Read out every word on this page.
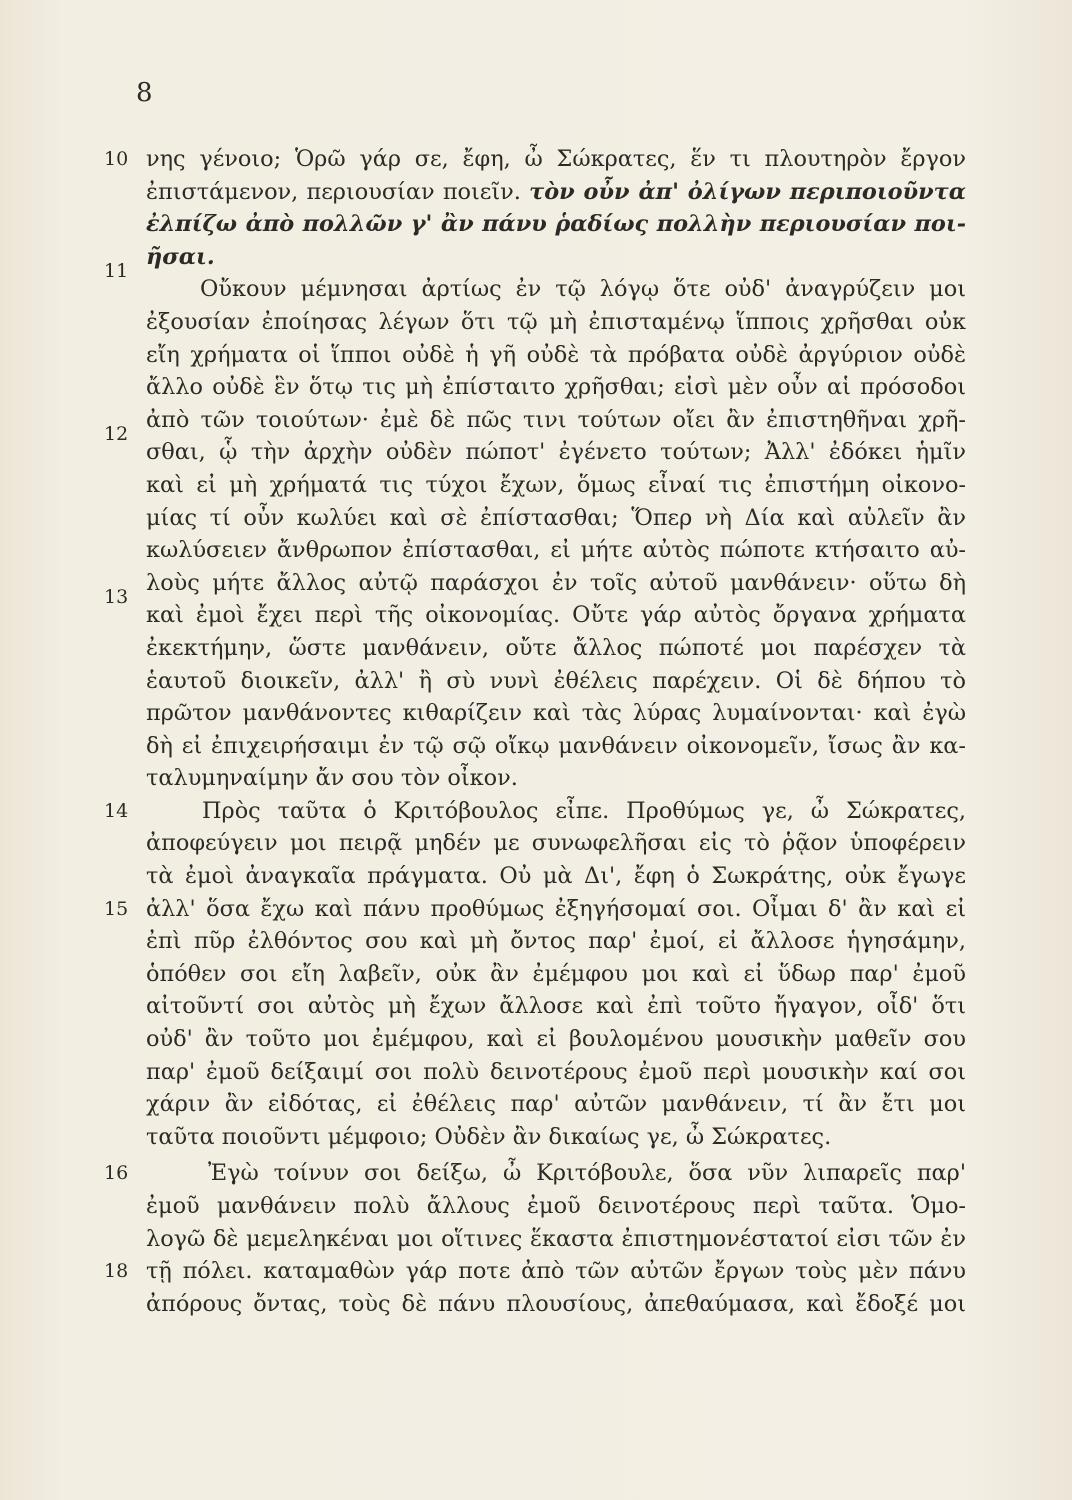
8
10 νης γένοιο; Ὁρῶ γάρ σε, ἔφη, ὦ Σώκρατες, ἕν τι πλουτηρὸν ἔργον
ἐπιστάμενον, περιουσίαν ποιεῖν. τὸν οὖν ἀπ' ὀλίγων περιποιοῦντα
ἐλπίζω ἀπὸ πολλῶν γ' ἂν πάνυ ῥαδίως πολλὴν περιουσίαν ποι-
ῆσαι.
11
Οὔκουν μέμνησαι ἀρτίως ἐν τῷ λόγῳ ὅτε οὐδ' ἀναγρύζειν μοι
ἐξουσίαν ἐποίησας λέγων ὅτι τῷ μὴ ἐπισταμένῳ ἵπποις χρῆσθαι οὐκ
εἴη χρήματα οἱ ἵπποι οὐδὲ ἡ γῆ οὐδὲ τὰ πρόβατα οὐδὲ ἀργύριον οὐδὲ
ἄλλο οὐδὲ ἓν ὅτῳ τις μὴ ἐπίσταιτο χρῆσθαι; εἰσὶ μὲν οὖν αἱ πρόσοδοι
ἀπὸ τῶν τοιούτων· ἐμὲ δὲ πῶς τινι τούτων οἴει ἂν ἐπιστηθῆναι χρῆ-
12
σθαι, ᾧ τὴν ἀρχὴν οὐδὲν πώποτ' ἐγένετο τούτων; Ἀλλ' ἐδόκει ἡμῖν
καὶ εἰ μὴ χρήματά τις τύχοι ἔχων, ὅμως εἶναί τις ἐπιστήμη οἰκονο-
μίας τί οὖν κωλύει καὶ σὲ ἐπίστασθαι; Ὅπερ νὴ Δία καὶ αὐλεῖν ἂν
κωλύσειεν ἄνθρωπον ἐπίστασθαι, εἰ μήτε αὐτὸς πώποτε κτήσαιτο αὐ-
λοὺς μήτε ἄλλος αὐτῷ παράσχοι ἐν τοῖς αὐτοῦ μανθάνειν· οὕτω δὴ
13
καὶ ἐμοὶ ἔχει περὶ τῆς οἰκονομίας. Οὔτε γάρ αὐτὸς ὄργανα χρήματα
ἐκεκτήμην, ὥστε μανθάνειν, οὔτε ἄλλος πώποτέ μοι παρέσχεν τὰ
ἑαυτοῦ διοικεῖν, ἀλλ' ἢ σὺ νυνὶ ἐθέλεις παρέχειν. Οἱ δὲ δήπου τὸ
πρῶτον μανθάνοντες κιθαρίζειν καὶ τὰς λύρας λυμαίνονται· καὶ ἐγὼ
δὴ εἰ ἐπιχειρήσαιμι ἐν τῷ σῷ οἴκῳ μανθάνειν οἰκονομεῖν, ἴσως ἂν κα-
ταλυμηναίμην ἄν σου τὸν οἶκον.
14	Πρὸς ταῦτα ὁ Κριτόβουλος εἶπε. Προθύμως γε, ὦ Σώκρατες,
ἀποφεύγειν μοι πειρᾷ μηδέν με συνωφελῆσαι εἰς τὸ ῥᾷον ὑποφέρειν
τὰ ἐμοὶ ἀναγκαῖα πράγματα. Οὐ μὰ Δι', ἔφη ὁ Σωκράτης, οὐκ ἔγωγε
15 ἀλλ' ὅσα ἔχω καὶ πάνυ προθύμως ἐξηγήσομαί σοι. Οἶμαι δ' ἂν καὶ εἰ
ἐπὶ πῦρ ἐλθόντος σου καὶ μὴ ὄντος παρ' ἐμοί, εἰ ἄλλοσε ἡγησάμην,
ὁπόθεν σοι εἴη λαβεῖν, οὐκ ἂν ἐμέμφου μοι καὶ εἰ ὕδωρ παρ' ἐμοῦ
αἰτοῦντί σοι αὐτὸς μὴ ἔχων ἄλλοσε καὶ ἐπὶ τοῦτο ἤγαγον, οἶδ' ὅτι
οὐδ' ἂν τοῦτο μοι ἐμέμφου, καὶ εἰ βουλομένου μουσικὴν μαθεῖν σου
παρ' ἐμοῦ δείξαιμί σοι πολὺ δεινοτέρους ἐμοῦ περὶ μουσικὴν καί σοι
χάριν ἂν εἰδότας, εἰ ἐθέλεις παρ' αὐτῶν μανθάνειν, τί ἂν ἔτι μοι
ταῦτα ποιοῦντι μέμφοιο; Οὐδὲν ἂν δικαίως γε, ὦ Σώκρατες.
16	Ἐγὼ τοίνυν σοι δείξω, ὦ Κριτόβουλε, ὅσα νῦν λιπαρεῖς παρ'
ἐμοῦ μανθάνειν πολὺ ἄλλους ἐμοῦ δεινοτέρους περὶ ταῦτα. Ὁμο-
λογῶ δὲ μεμεληκέναι μοι οἵτινες ἕκαστα ἐπιστημονέστατοί εἰσι τῶν ἐν
18 τῇ πόλει. καταμαθὼν γάρ ποτε ἀπὸ τῶν αὐτῶν ἔργων τοὺς μὲν πάνυ
ἀπόρους ὄντας, τοὺς δὲ πάνυ πλουσίους, ἀπεθαύμασα, καὶ ἔδοξέ μοι
